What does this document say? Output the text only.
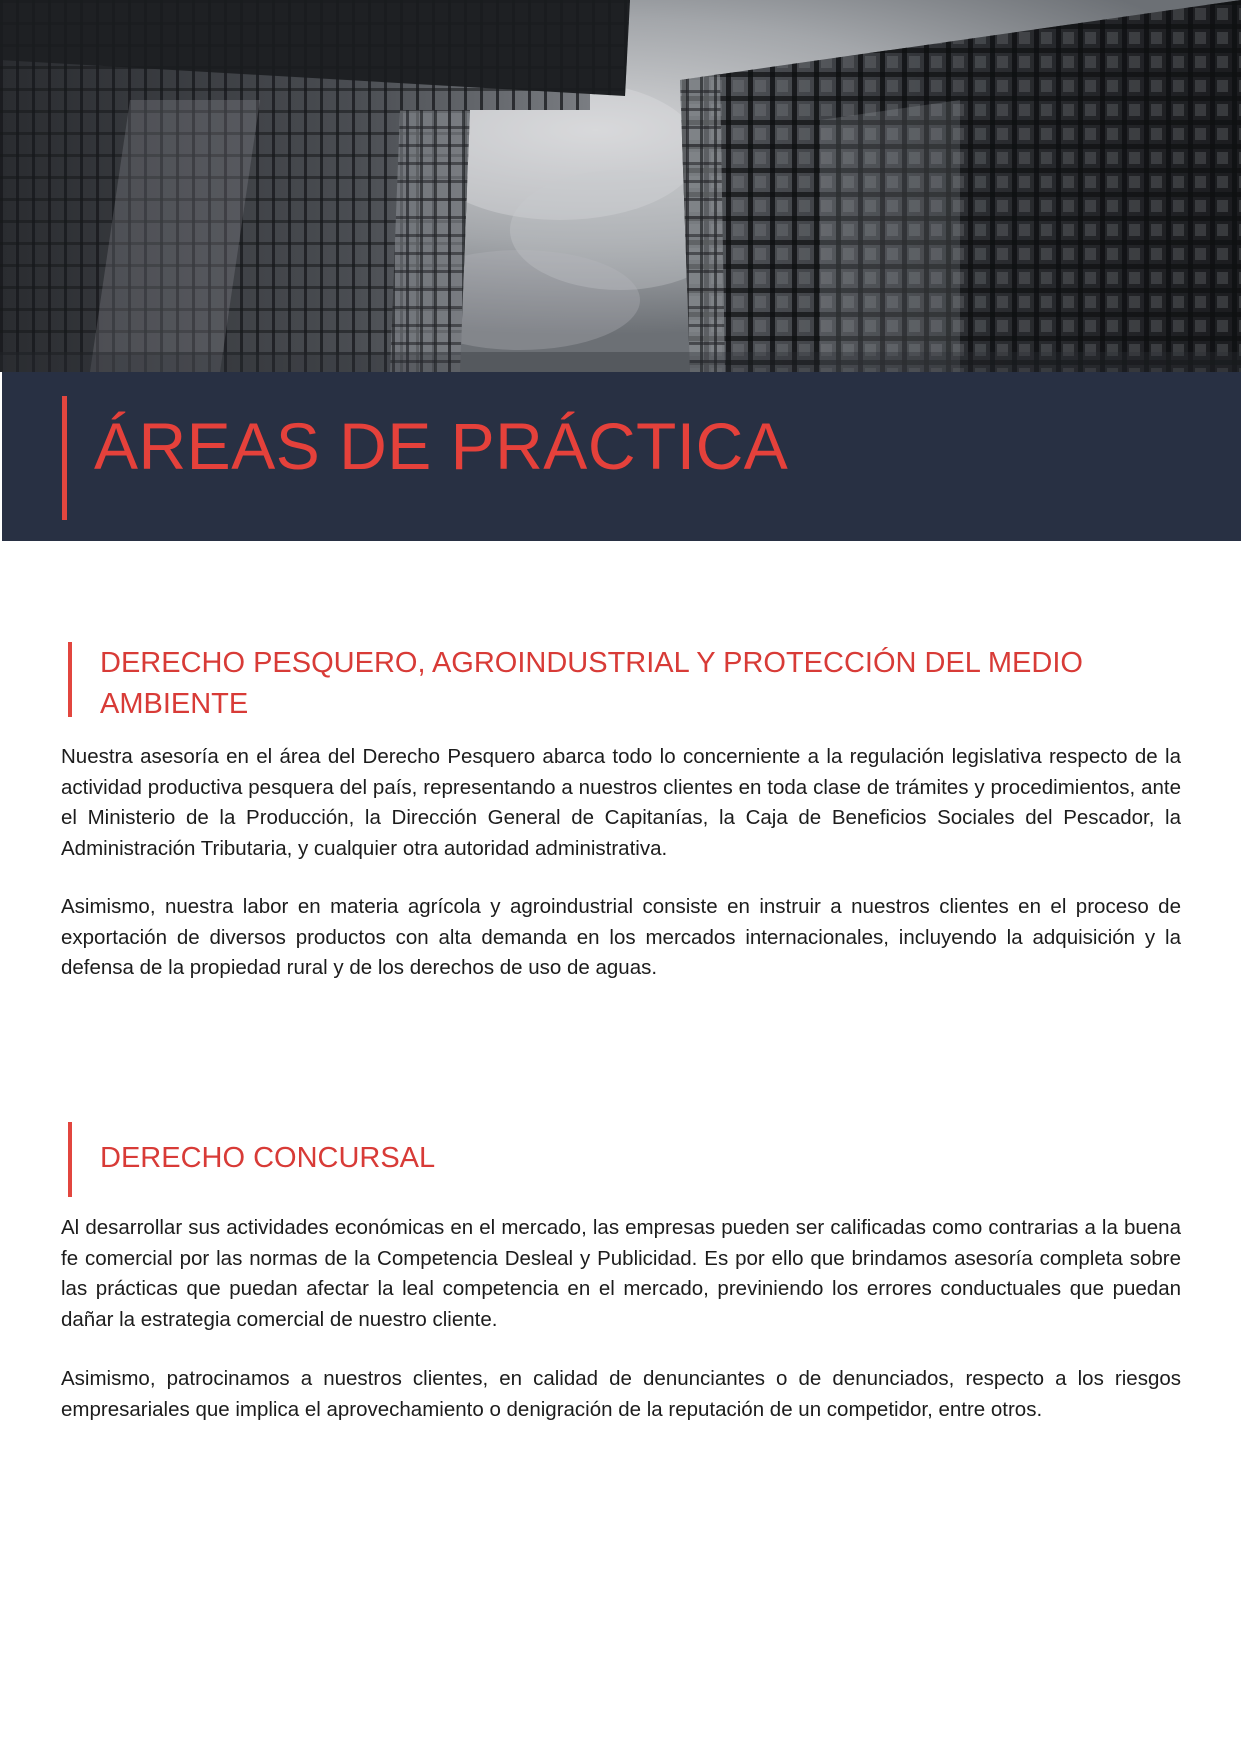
ÁREAS DE PRÁCTICA
DERECHO PESQUERO, AGROINDUSTRIAL Y PROTECCIÓN DEL MEDIO AMBIENTE

Nuestra asesoría en el área del Derecho Pesquero abarca todo lo concerniente a la regulación legislativa respecto de la actividad productiva pesquera del país, representando a nuestros clientes en toda clase de trámites y procedimientos, ante el Ministerio de la Producción, la Dirección General de Capitanías, la Caja de Beneficios Sociales del Pescador, la Administración Tributaria, y cualquier otra autoridad administrativa.

Asimismo, nuestra labor en materia agrícola y agroindustrial consiste en instruir a nuestros clientes en el proceso de exportación de diversos productos con alta demanda en los mercados internacionales, incluyendo la adquisición y la defensa de la propiedad rural y de los derechos de uso de aguas.

DERECHO CONCURSAL

Al desarrollar sus actividades económicas en el mercado, las empresas pueden ser calificadas como contrarias a la buena fe comercial por las normas de la Competencia Desleal y Publicidad. Es por ello que brindamos asesoría completa sobre las prácticas que puedan afectar la leal competencia en el mercado, previniendo los errores conductuales que puedan dañar la estrategia comercial de nuestro cliente.

Asimismo, patrocinamos a nuestros clientes, en calidad de denunciantes o de denunciados, respecto a los riesgos empresariales que implica el aprovechamiento o denigración de la reputación de un competidor, entre otros.
